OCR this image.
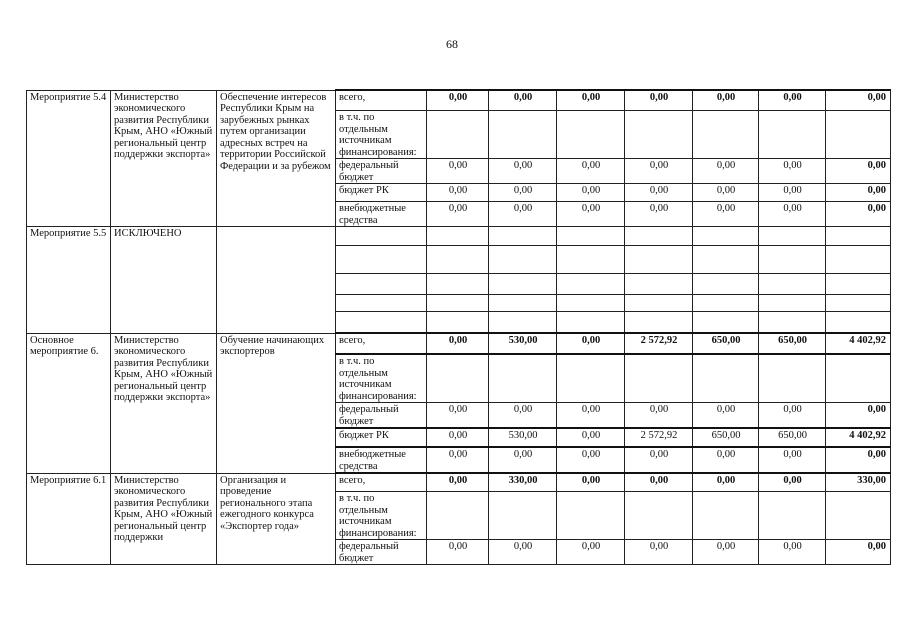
68
Мероприятие 5.4	Министерство экономического развития Республики Крым, АНО «Южный региональный центр поддержки экспорта»	Обеспечение интересов Республики Крым на зарубежных рынках путем организации адресных встреч на территории Российской Федерации и за рубежом	всего,	0,00	0,00	0,00	0,00	0,00	0,00	0,00
			в т.ч. по отдельным источникам финансирования:							
			федеральный бюджет	0,00	0,00	0,00	0,00	0,00	0,00	0,00
			бюджет РК	0,00	0,00	0,00	0,00	0,00	0,00	0,00
			внебюджетные средства	0,00	0,00	0,00	0,00	0,00	0,00	0,00
Мероприятие 5.5	ИСКЛЮЧЕНО									

Основное мероприятие 6.	Министерство экономического развития Республики Крым, АНО «Южный региональный центр поддержки экспорта»	Обучение начинающих экспортеров	всего,	0,00	530,00	0,00	2 572,92	650,00	650,00	4 402,92
			в т.ч. по отдельным источникам финансирования:							
			федеральный бюджет	0,00	0,00	0,00	0,00	0,00	0,00	0,00
			бюджет РК	0,00	530,00	0,00	2 572,92	650,00	650,00	4 402,92
			внебюджетные средства	0,00	0,00	0,00	0,00	0,00	0,00	0,00
Мероприятие 6.1	Министерство экономического развития Республики Крым, АНО «Южный региональный центр поддержки	Организация и проведение регионального этапа ежегодного конкурса «Экспортер года»	всего,	0,00	330,00	0,00	0,00	0,00	0,00	330,00
			в т.ч. по отдельным источникам финансирования:							
			федеральный бюджет	0,00	0,00	0,00	0,00	0,00	0,00	0,00
